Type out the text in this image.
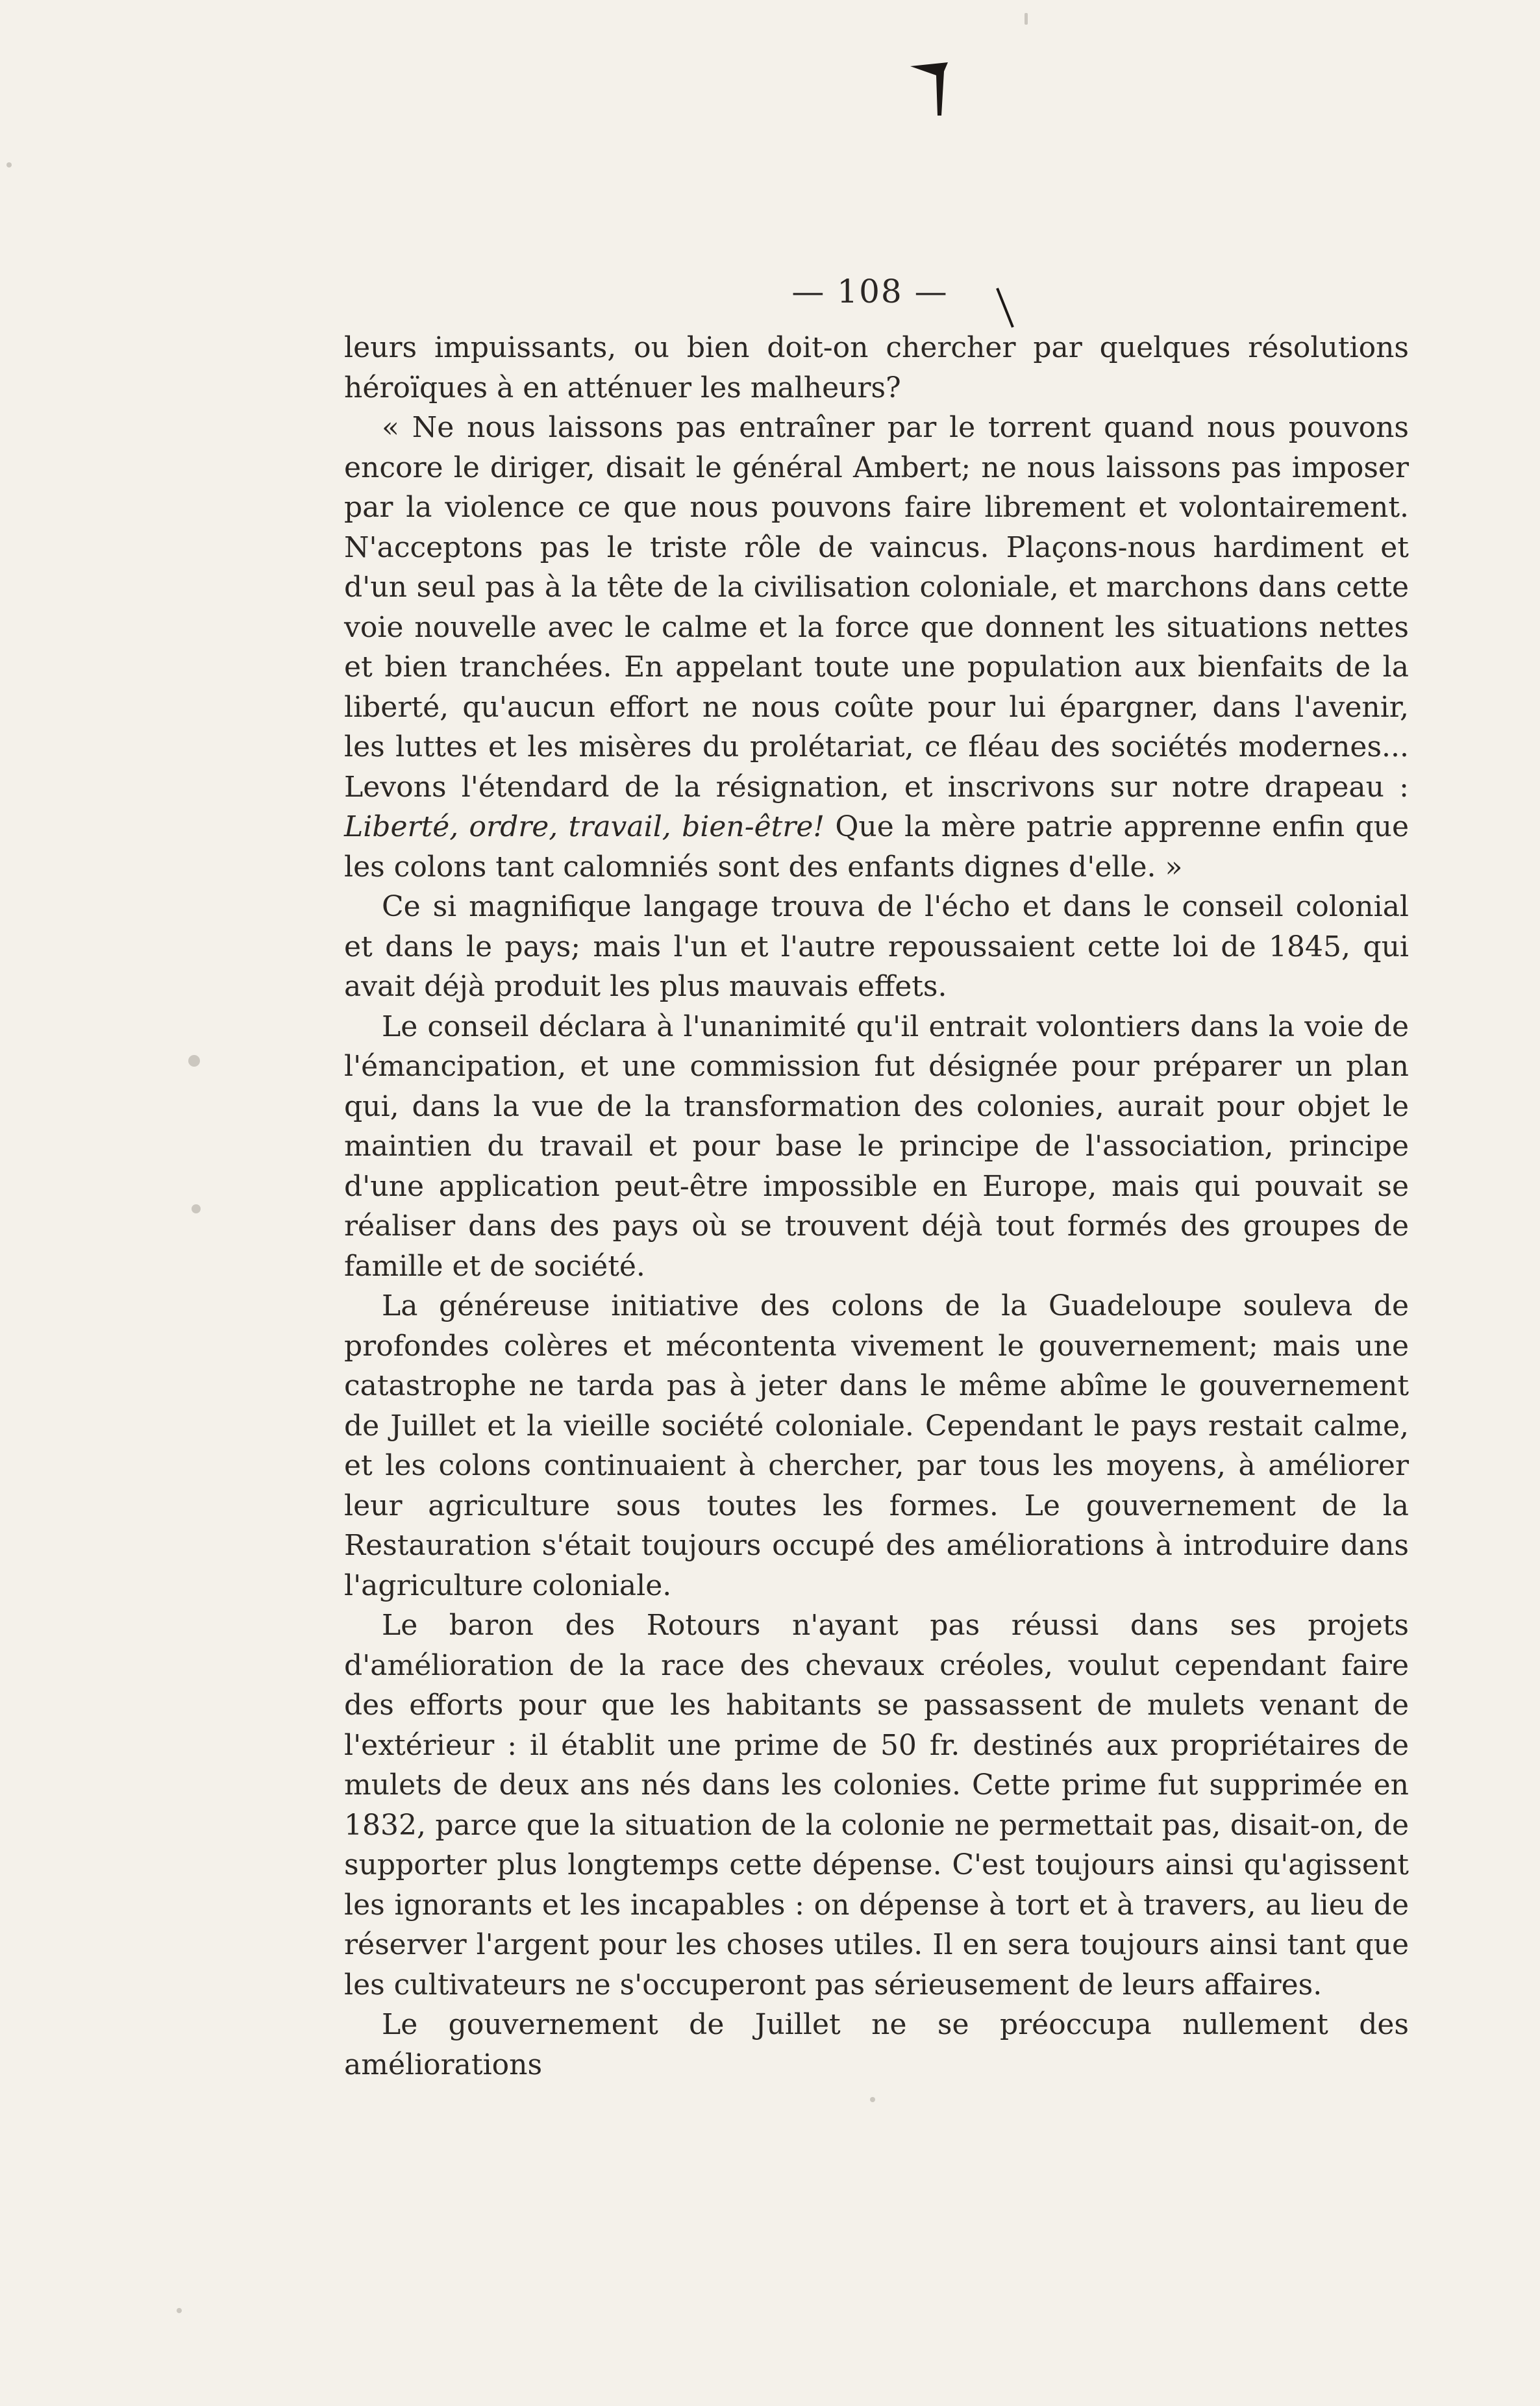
— 108 —

leurs impuissants, ou bien doit-on chercher par quelques résolutions héroïques à en atténuer les malheurs?

« Ne nous laissons pas entraîner par le torrent quand nous pouvons encore le diriger, disait le général Ambert; ne nous laissons pas imposer par la violence ce que nous pouvons faire librement et volontairement. N'acceptons pas le triste rôle de vaincus. Plaçons-nous hardiment et d'un seul pas à la tête de la civilisation coloniale, et marchons dans cette voie nouvelle avec le calme et la force que donnent les situations nettes et bien tranchées. En appelant toute une population aux bienfaits de la liberté, qu'aucun effort ne nous coûte pour lui épargner, dans l'avenir, les luttes et les misères du prolétariat, ce fléau des sociétés modernes... Levons l'étendard de la résignation, et inscrivons sur notre drapeau : Liberté, ordre, travail, bien-être! Que la mère patrie apprenne enfin que les colons tant calomniés sont des enfants dignes d'elle. »

Ce si magnifique langage trouva de l'écho et dans le conseil colonial et dans le pays; mais l'un et l'autre repoussaient cette loi de 1845, qui avait déjà produit les plus mauvais effets.

Le conseil déclara à l'unanimité qu'il entrait volontiers dans la voie de l'émancipation, et une commission fut désignée pour préparer un plan qui, dans la vue de la transformation des colonies, aurait pour objet le maintien du travail et pour base le principe de l'association, principe d'une application peut-être impossible en Europe, mais qui pouvait se réaliser dans des pays où se trouvent déjà tout formés des groupes de famille et de société.

La généreuse initiative des colons de la Guadeloupe souleva de profondes colères et mécontenta vivement le gouvernement; mais une catastrophe ne tarda pas à jeter dans le même abîme le gouvernement de Juillet et la vieille société coloniale. Cependant le pays restait calme, et les colons continuaient à chercher, par tous les moyens, à améliorer leur agriculture sous toutes les formes. Le gouvernement de la Restauration s'était toujours occupé des améliorations à introduire dans l'agriculture coloniale.

Le baron des Rotours n'ayant pas réussi dans ses projets d'amélioration de la race des chevaux créoles, voulut cependant faire des efforts pour que les habitants se passassent de mulets venant de l'extérieur : il établit une prime de 50 fr. destinés aux propriétaires de mulets de deux ans nés dans les colonies. Cette prime fut supprimée en 1832, parce que la situation de la colonie ne permettait pas, disait-on, de supporter plus longtemps cette dépense. C'est toujours ainsi qu'agissent les ignorants et les incapables : on dépense à tort et à travers, au lieu de réserver l'argent pour les choses utiles. Il en sera toujours ainsi tant que les cultivateurs ne s'occuperont pas sérieusement de leurs affaires.

Le gouvernement de Juillet ne se préoccupa nullement des améliorations
